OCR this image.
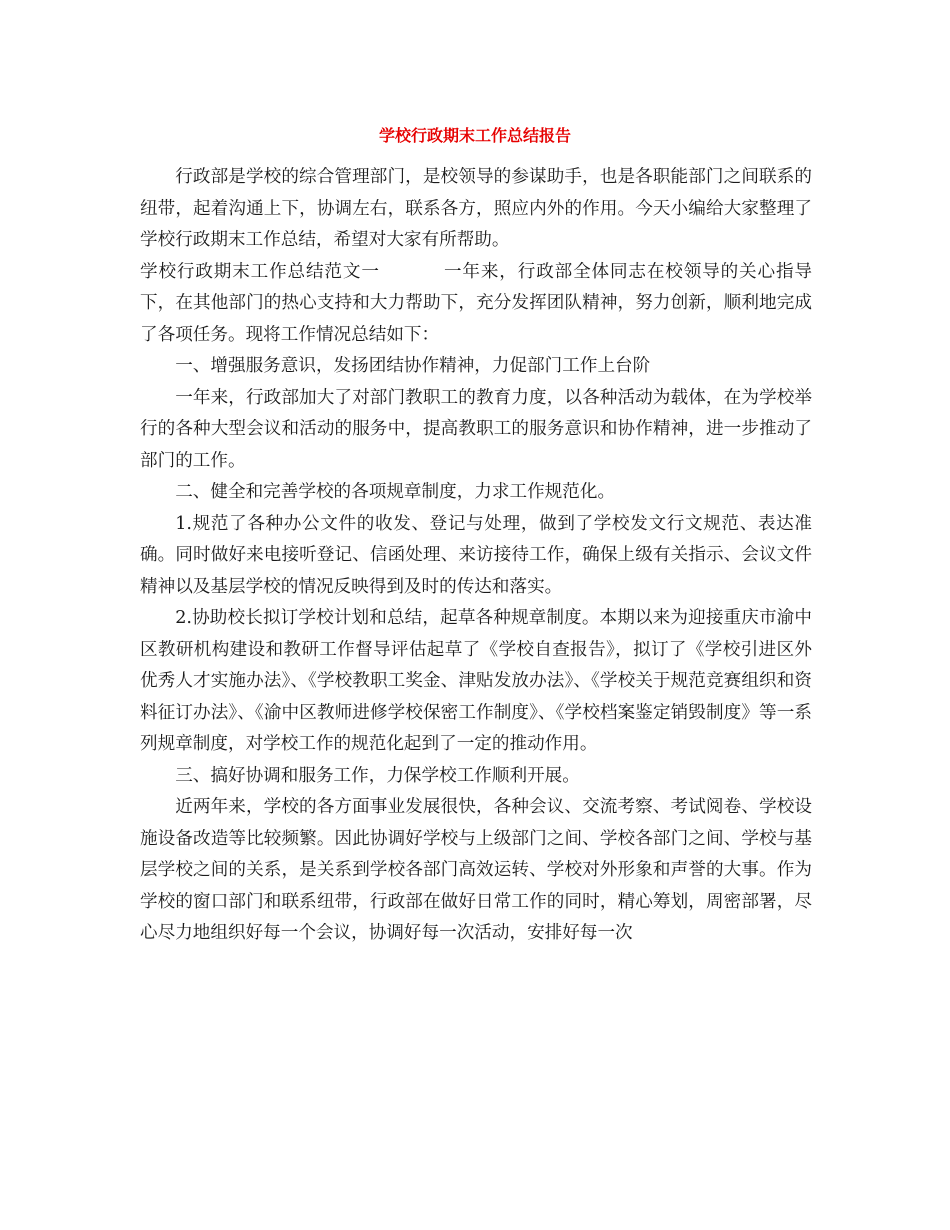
学校行政期末工作总结报告

行政部是学校的综合管理部门，是校领导的参谋助手，也是各职能部门之间联系的纽带，起着沟通上下，协调左右，联系各方，照应内外的作用。今天小编给大家整理了学校行政期末工作总结，希望对大家有所帮助。

学校行政期末工作总结范文一	一年来，行政部全体同志在校领导的关心指导下，在其他部门的热心支持和大力帮助下，充分发挥团队精神，努力创新，顺利地完成了各项任务。现将工作情况总结如下：

一、增强服务意识，发扬团结协作精神，力促部门工作上台阶

一年来，行政部加大了对部门教职工的教育力度，以各种活动为载体，在为学校举行的各种大型会议和活动的服务中，提高教职工的服务意识和协作精神，进一步推动了部门的工作。

二、健全和完善学校的各项规章制度，力求工作规范化。

1.规范了各种办公文件的收发、登记与处理，做到了学校发文行文规范、表达准确。同时做好来电接听登记、信函处理、来访接待工作，确保上级有关指示、会议文件精神以及基层学校的情况反映得到及时的传达和落实。

2.协助校长拟订学校计划和总结，起草各种规章制度。本期以来为迎接重庆市渝中区教研机构建设和教研工作督导评估起草了《学校自查报告》，拟订了《学校引进区外优秀人才实施办法》、《学校教职工奖金、津贴发放办法》、《学校关于规范竞赛组织和资料征订办法》、《渝中区教师进修学校保密工作制度》、《学校档案鉴定销毁制度》等一系列规章制度，对学校工作的规范化起到了一定的推动作用。

三、搞好协调和服务工作，力保学校工作顺利开展。

近两年来，学校的各方面事业发展很快，各种会议、交流考察、考试阅卷、学校设施设备改造等比较频繁。因此协调好学校与上级部门之间、学校各部门之间、学校与基层学校之间的关系，是关系到学校各部门高效运转、学校对外形象和声誉的大事。作为学校的窗口部门和联系纽带，行政部在做好日常工作的同时，精心筹划，周密部署，尽心尽力地组织好每一个会议，协调好每一次活动，安排好每一次
